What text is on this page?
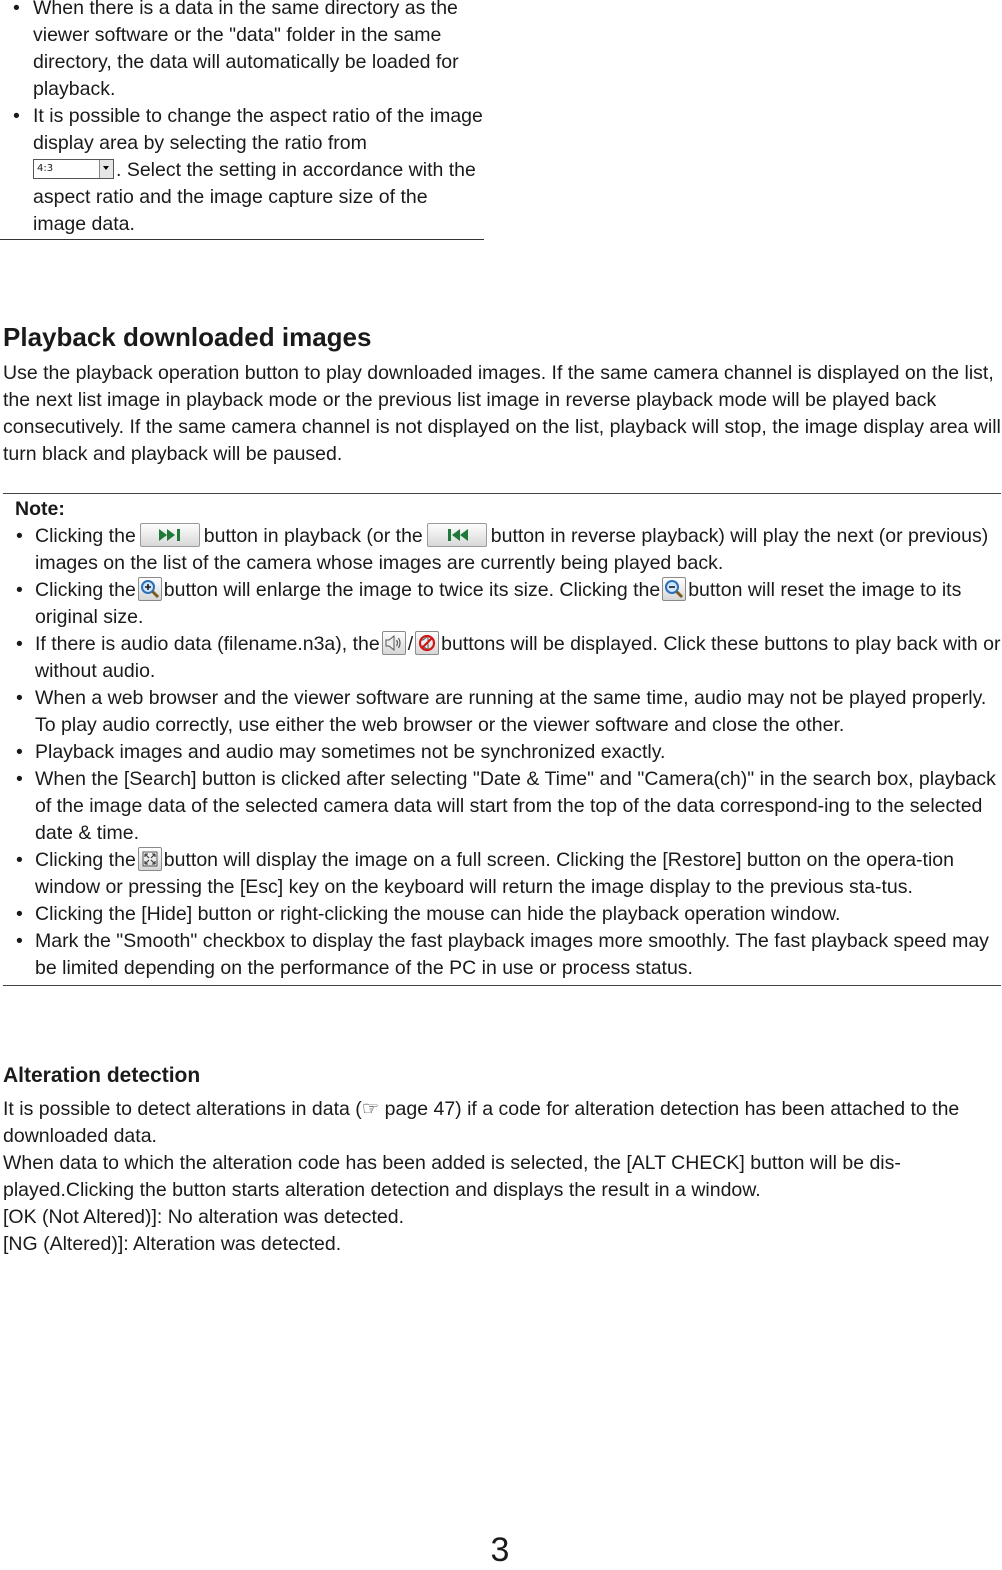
• When there is a data in the same directory as the viewer software or the "data" folder in the same directory, the data will automatically be loaded for playback.
• It is possible to change the aspect ratio of the image display area by selecting the ratio from

4:3	. Select the setting in accordance with the aspect ratio and the image capture size of the image data.
Playback downloaded images

Use the playback operation button to play downloaded images. If the same camera channel is displayed on the list, the next list image in playback mode or the previous list image in reverse playback mode will be played back consecutively. If the same camera channel is not displayed on the list, playback will stop, the image display area will turn black and playback will be paused.

Note:
• Clicking the	button in playback (or the	button in reverse playback) will play the next (or previous) images on the list of the camera whose images are currently being played back.
• Clicking the button will enlarge the image to twice its size. Clicking the button will reset the image to its original size.
• If there is audio data (filename.n3a), the / buttons will be displayed. Click these buttons to play back with or without audio.
• When a web browser and the viewer software are running at the same time, audio may not be played properly. To play audio correctly, use either the web browser or the viewer software and close the other.
• Playback images and audio may sometimes not be synchronized exactly.
• When the [Search] button is clicked after selecting "Date & Time" and "Camera(ch)" in the search box, playback of the image data of the selected camera data will start from the top of the data correspond-ing to the selected date & time.
• Clicking the button will display the image on a full screen. Clicking the [Restore] button on the opera-tion window or pressing the [Esc] key on the keyboard will return the image display to the previous sta-tus.
• Clicking the [Hide] button or right-clicking the mouse can hide the playback operation window.
• Mark the "Smooth" checkbox to display the fast playback images more smoothly. The fast playback speed may be limited depending on the performance of the PC in use or process status.
Alteration detection

It is possible to detect alterations in data (☞ page 47) if a code for alteration detection has been attached to the downloaded data.

When data to which the alteration code has been added is selected, the [ALT CHECK] button will be dis-played.Clicking the button starts alteration detection and displays the result in a window.

[OK (Not Altered)]: No alteration was detected.

[NG (Altered)]: Alteration was detected.

3
